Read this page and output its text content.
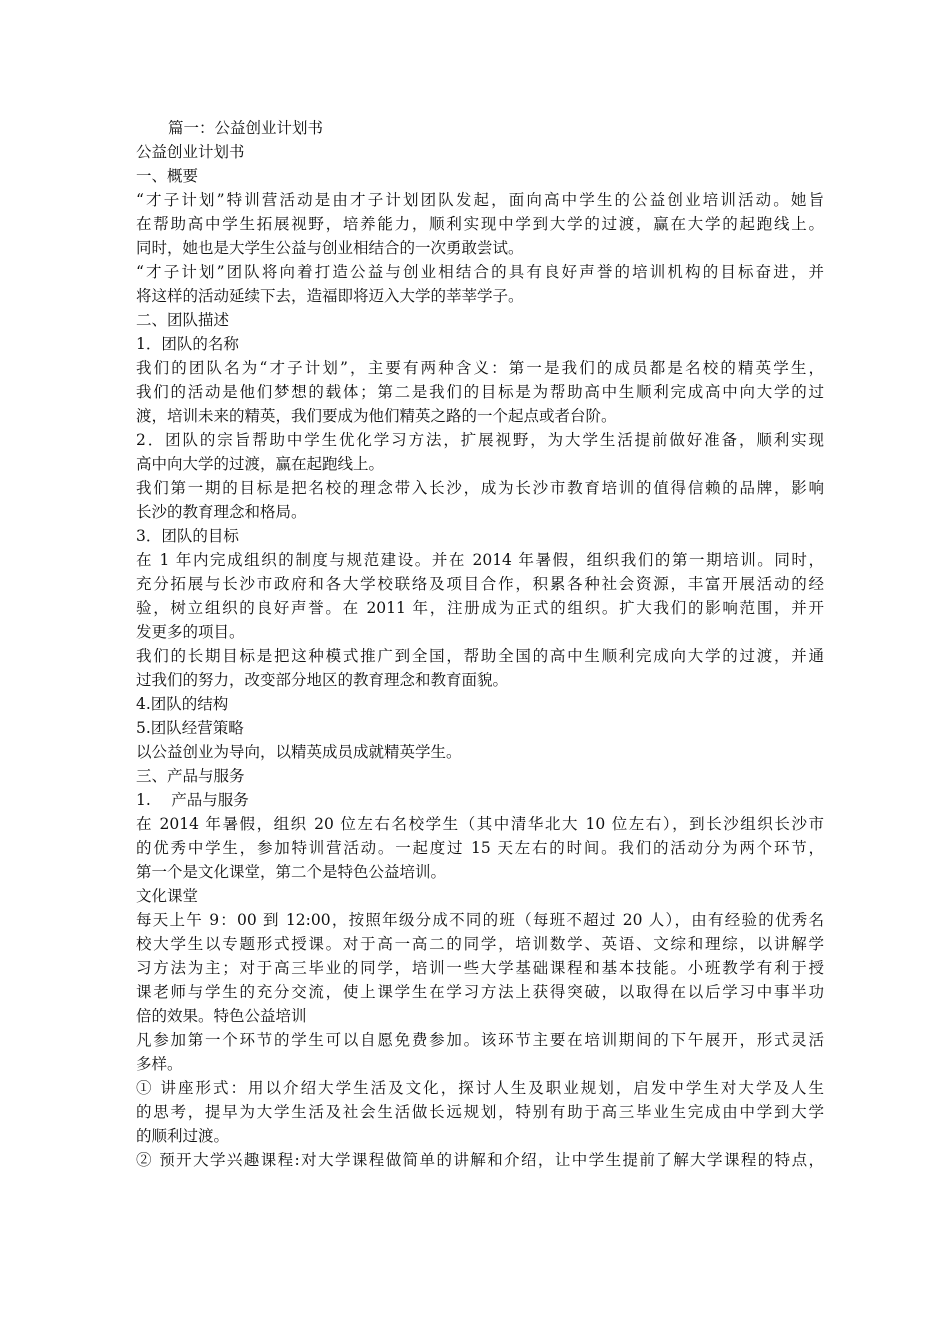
篇一：公益创业计划书
公益创业计划书
一、概要
“才子计划”特训营活动是由才子计划团队发起，面向高中学生的公益创业培训活动。她旨
在帮助高中学生拓展视野，培养能力，顺利实现中学到大学的过渡，赢在大学的起跑线上。
同时，她也是大学生公益与创业相结合的一次勇敢尝试。
“才子计划”团队将向着打造公益与创业相结合的具有良好声誉的培训机构的目标奋进，并
将这样的活动延续下去，造福即将迈入大学的莘莘学子。
二、团队描述
1．团队的名称
我们的团队名为“才子计划”，主要有两种含义：第一是我们的成员都是名校的精英学生，
我们的活动是他们梦想的载体；第二是我们的目标是为帮助高中生顺利完成高中向大学的过
渡，培训未来的精英，我们要成为他们精英之路的一个起点或者台阶。
2．团队的宗旨帮助中学生优化学习方法，扩展视野，为大学生活提前做好准备，顺利实现
高中向大学的过渡，赢在起跑线上。
我们第一期的目标是把名校的理念带入长沙，成为长沙市教育培训的值得信赖的品牌，影响
长沙的教育理念和格局。
3．团队的目标
在 1 年内完成组织的制度与规范建设。并在 2014 年暑假，组织我们的第一期培训。同时，
充分拓展与长沙市政府和各大学校联络及项目合作，积累各种社会资源，丰富开展活动的经
验，树立组织的良好声誉。在 2011 年，注册成为正式的组织。扩大我们的影响范围，并开
发更多的项目。
我们的长期目标是把这种模式推广到全国，帮助全国的高中生顺利完成向大学的过渡，并通
过我们的努力，改变部分地区的教育理念和教育面貌。
4.团队的结构
5.团队经营策略
以公益创业为导向，以精英成员成就精英学生。
三、产品与服务
1.　 产品与服务
在 2014 年暑假，组织 20 位左右名校学生（其中清华北大 10 位左右），到长沙组织长沙市
的优秀中学生，参加特训营活动。一起度过 15 天左右的时间。我们的活动分为两个环节，
第一个是文化课堂，第二个是特色公益培训。
文化课堂
每天上午 9：00 到 12:00，按照年级分成不同的班（每班不超过 20 人），由有经验的优秀名
校大学生以专题形式授课。对于高一高二的同学，培训数学、英语、文综和理综，以讲解学
习方法为主；对于高三毕业的同学，培训一些大学基础课程和基本技能。小班教学有利于授
课老师与学生的充分交流，使上课学生在学习方法上获得突破，以取得在以后学习中事半功
倍的效果。特色公益培训
凡参加第一个环节的学生可以自愿免费参加。该环节主要在培训期间的下午展开，形式灵活
多样。
① 讲座形式：用以介绍大学生活及文化，探讨人生及职业规划，启发中学生对大学及人生
的思考，提早为大学生活及社会生活做长远规划，特别有助于高三毕业生完成由中学到大学
的顺利过渡。
② 预开大学兴趣课程:对大学课程做简单的讲解和介绍，让中学生提前了解大学课程的特点，
